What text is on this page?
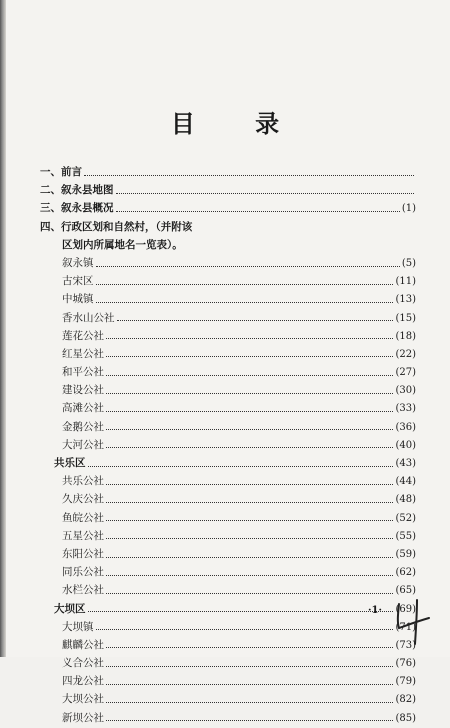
目 录
一、前言
二、叙永县地图
三、叙永县概况	(1)
四、行政区划和自然村，（并附该
区划内所属地名一览表）。
叙永镇	(5)
古宋区	(11)
中城镇	(13)
香水山公社	(15)
莲花公社	(18)
红星公社	(22)
和平公社	(27)
建设公社	(30)
高滩公社	(33)
金鹅公社	(36)
大河公社	(40)
共乐区	(43)
共乐公社	(44)
久庆公社	(48)
鱼皖公社	(52)
五星公社	(55)
东阳公社	(59)
同乐公社	(62)
水栏公社	(65)
大坝区	(69)
大坝镇	(71)
麒麟公社	(73)
义合公社	(76)
四龙公社	(79)
大坝公社	(82)
新坝公社	(85)
·1·
